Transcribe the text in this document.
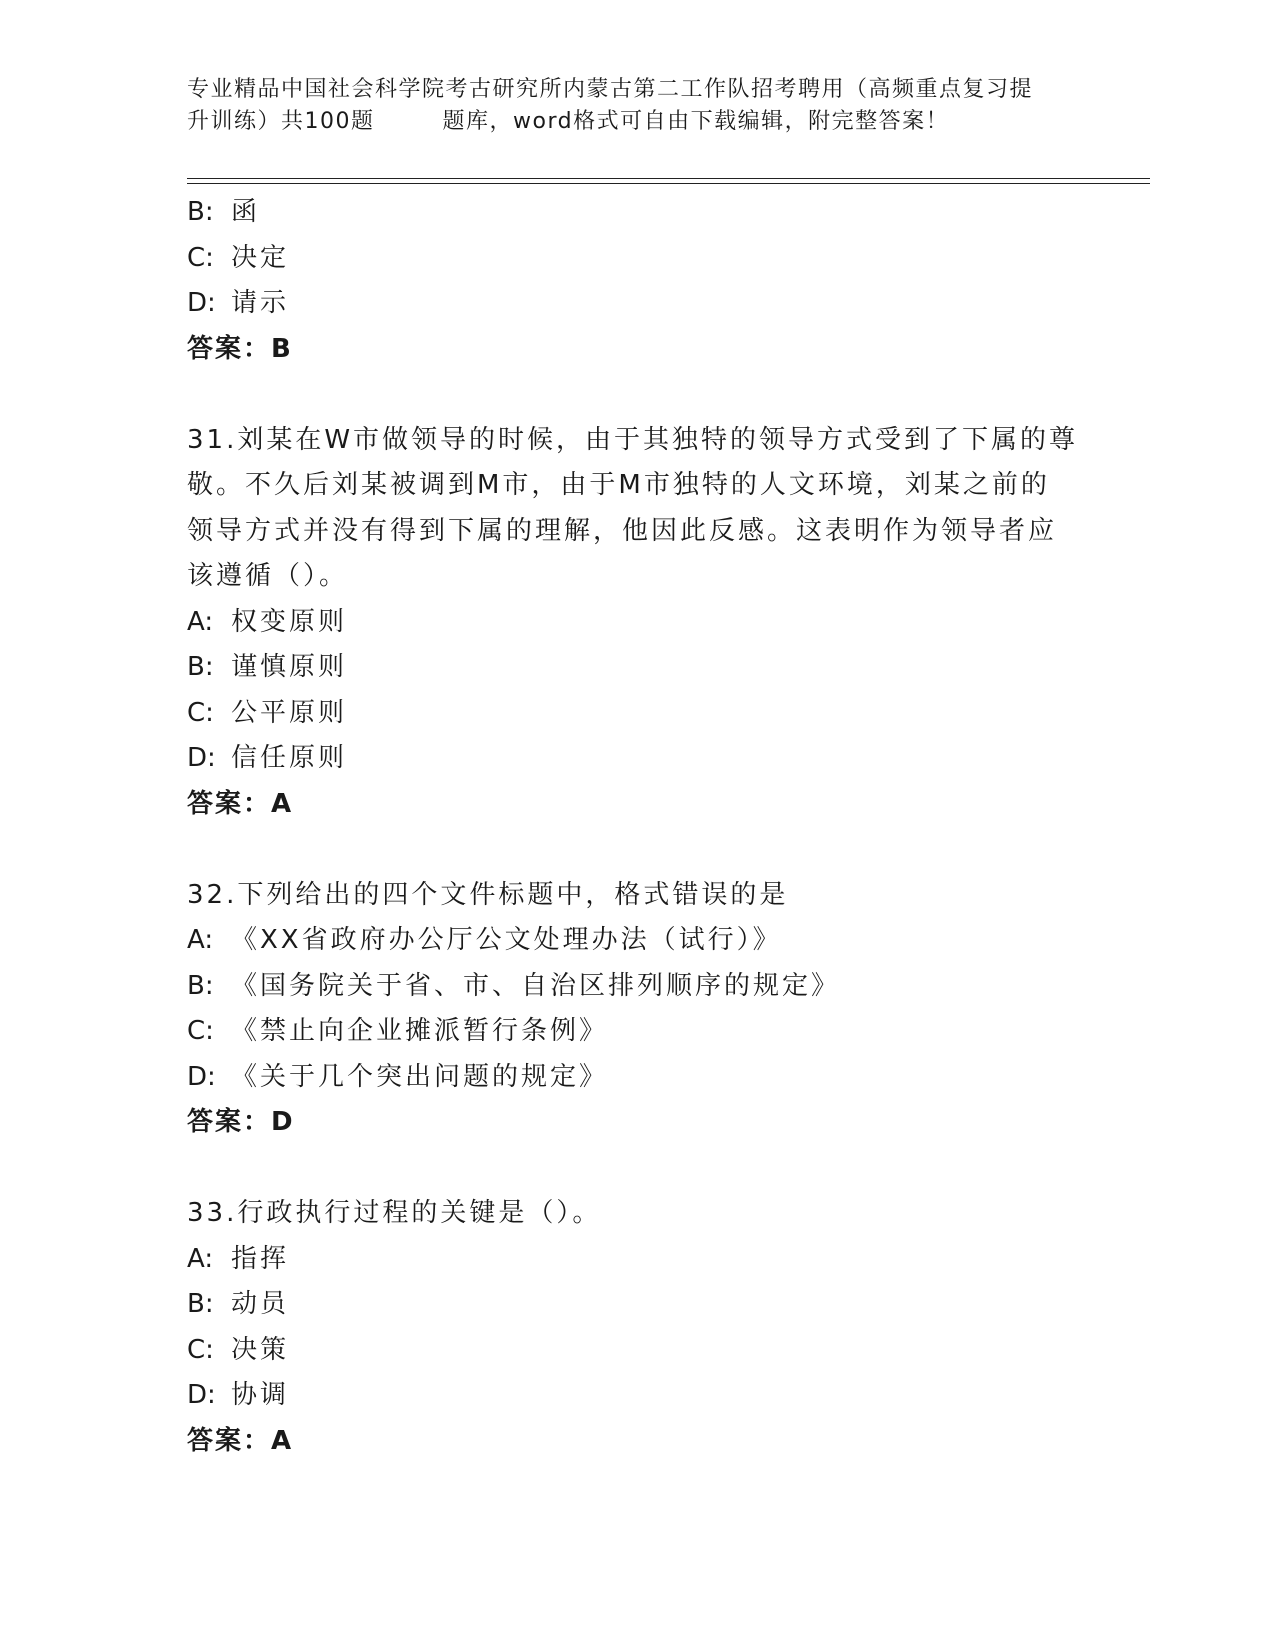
专业精品中国社会科学院考古研究所内蒙古第二工作队招考聘用（高频重点复习提
升训练）共100题	题库，word格式可自由下载编辑，附完整答案！
B: 函
C: 决定
D: 请示
答案：B
31.刘某在W市做领导的时候，由于其独特的领导方式受到了下属的尊
敬。不久后刘某被调到M市，由于M市独特的人文环境，刘某之前的
领导方式并没有得到下属的理解，他因此反感。这表明作为领导者应
该遵循（）。
A: 权变原则
B: 谨慎原则
C: 公平原则
D: 信任原则
答案：A
32.下列给出的四个文件标题中，格式错误的是
A: 《XX省政府办公厅公文处理办法（试行）》
B: 《国务院关于省、市、自治区排列顺序的规定》
C: 《禁止向企业摊派暂行条例》
D: 《关于几个突出问题的规定》
答案：D
33.行政执行过程的关键是（）。
A: 指挥
B: 动员
C: 决策
D: 协调
答案：A
